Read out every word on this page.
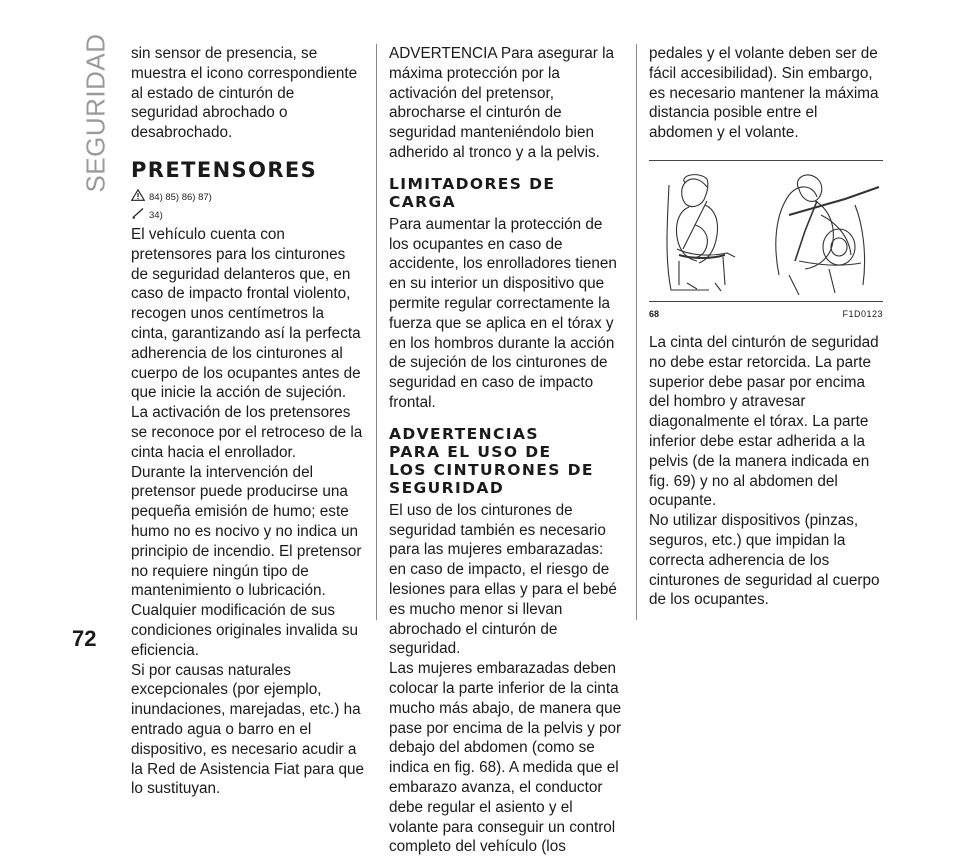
SEGURIDAD sin sensor de presencia, se muestra el icono correspondiente al estado de cinturón de seguridad abrochado o desabrochado.

PRETENSORES
84) 85) 86) 87)
34)

El vehículo cuenta con pretensores para los cinturones de seguridad delanteros que, en caso de impacto frontal violento, recogen unos centímetros la cinta, garantizando así la perfecta adherencia de los cinturones al cuerpo de los ocupantes antes de que inicie la acción de sujeción.

La activación de los pretensores se reconoce por el retroceso de la cinta hacia el enrollador.

Durante la intervención del pretensor puede producirse una pequeña emisión de humo; este humo no es nocivo y no indica un principio de incendio. El pretensor no requiere ningún tipo de mantenimiento o lubricación. Cualquier modificación de sus condiciones originales invalida su eficiencia.

Si por causas naturales excepcionales (por ejemplo, inundaciones, marejadas, etc.) ha entrado agua o barro en el dispositivo, es necesario acudir a la Red de Asistencia Fiat para que lo sustituyan.

ADVERTENCIA Para asegurar la máxima protección por la activación del pretensor, abrocharse el cinturón de seguridad manteniéndolo bien adherido al tronco y a la pelvis.

LIMITADORES DE CARGA

Para aumentar la protección de los ocupantes en caso de accidente, los enrolladores tienen en su interior un dispositivo que permite regular correctamente la fuerza que se aplica en el tórax y en los hombros durante la acción de sujeción de los cinturones de seguridad en caso de impacto frontal.

ADVERTENCIAS
PARA EL USO DE
LOS CINTURONES DE
SEGURIDAD

El uso de los cinturones de seguridad también es necesario para las mujeres embarazadas: en caso de impacto, el riesgo de lesiones para ellas y para el bebé es mucho menor si llevan abrochado el cinturón de seguridad.

Las mujeres embarazadas deben colocar la parte inferior de la cinta mucho más abajo, de manera que pase por encima de la pelvis y por debajo del abdomen (como se indica en fig. 68). A medida que el embarazo avanza, el conductor debe regular el asiento y el volante para conseguir un control completo del vehículo (los

pedales y el volante deben ser de fácil accesibilidad). Sin embargo, es necesario mantener la máxima distancia posible entre el abdomen y el volante.

68	F1D0123

La cinta del cinturón de seguridad no debe estar retorcida. La parte superior debe pasar por encima del hombro y atravesar diagonalmente el tórax. La parte inferior debe estar adherida a la pelvis (de la manera indicada en fig. 69) y no al abdomen del ocupante.

No utilizar dispositivos (pinzas, seguros, etc.) que impidan la correcta adherencia de los cinturones de seguridad al cuerpo de los ocupantes.

72
